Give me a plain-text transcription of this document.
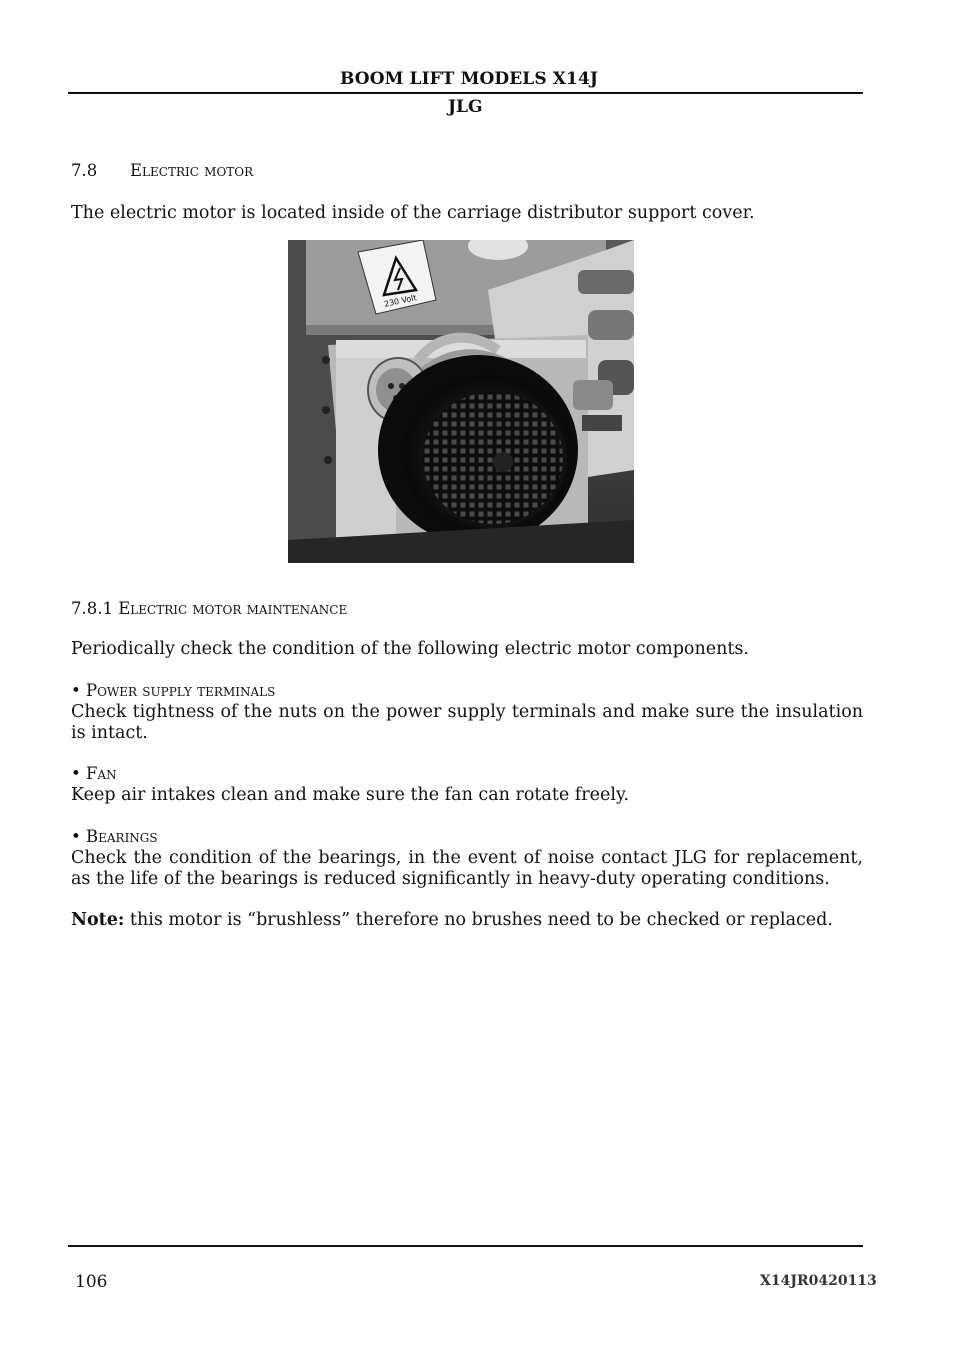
BOOM LIFT MODELS X14J
JLG
7.8 Electric motor
The electric motor is located inside of the carriage distributor support cover.
230 Volt
7.8.1 Electric motor maintenance
Periodically check the condition of the following electric motor components.
• Power supply terminals
Check tightness of the nuts on the power supply terminals and make sure the insulation is intact.
• Fan
Keep air intakes clean and make sure the fan can rotate freely.
• Bearings
Check the condition of the bearings, in the event of noise contact JLG for replacement, as the life of the bearings is reduced significantly in heavy-duty operating conditions.
Note: this motor is “brushless” therefore no brushes need to be checked or replaced.
106	X14JR0420113
